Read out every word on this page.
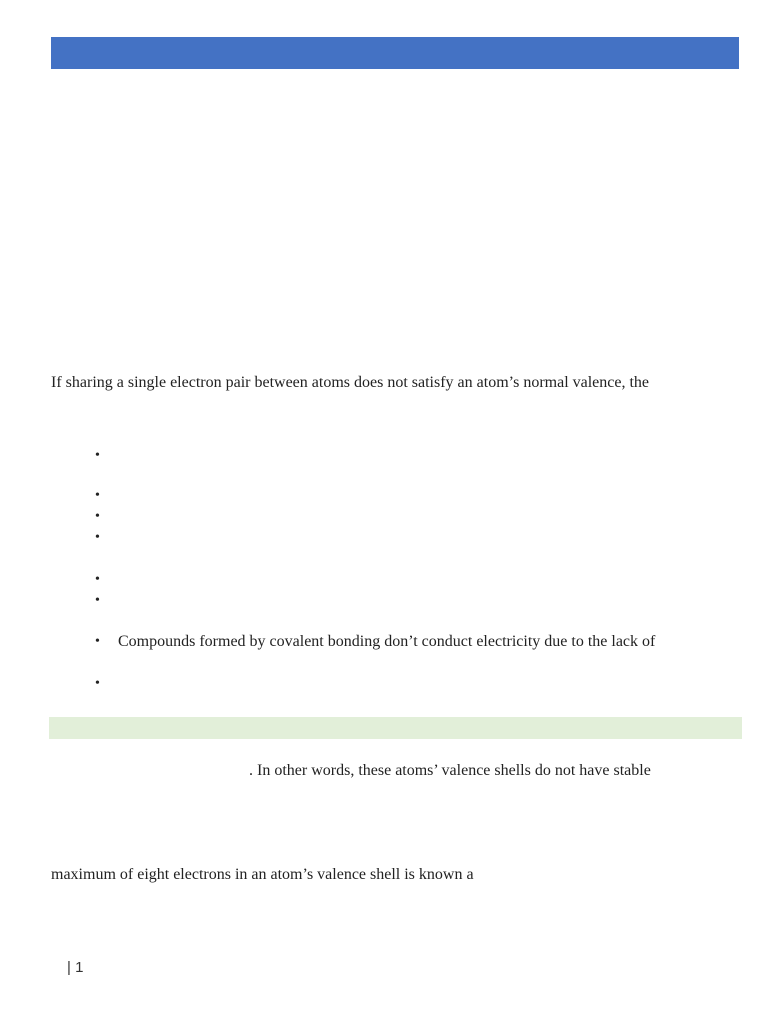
If sharing a single electron pair between atoms does not satisfy an atom’s normal valence, the
•
•
•
•
•
•
• Compounds formed by covalent bonding don’t conduct electricity due to the lack of
•
. In other words, these atoms’ valence shells do not have stable
maximum of eight electrons in an atom’s valence shell is known a
| 1
